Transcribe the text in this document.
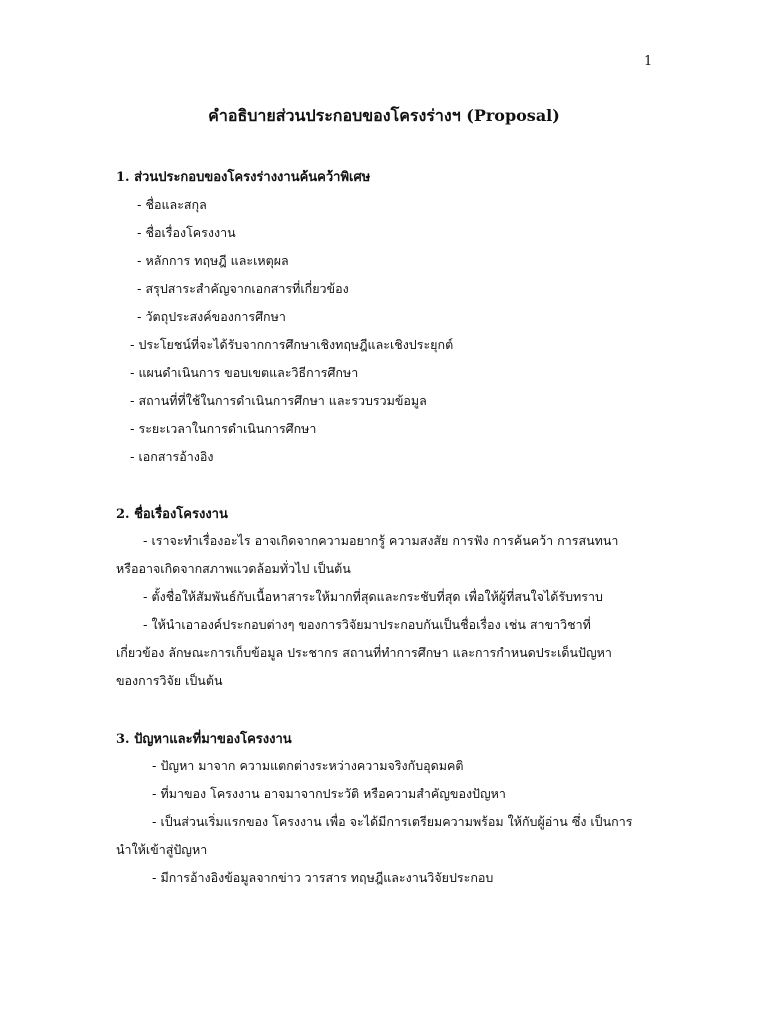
1
คำอธิบายส่วนประกอบของโครงร่างฯ (Proposal)
1. ส่วนประกอบของโครงร่างงานค้นคว้าพิเศษ
- ชื่อและสกุล
- ชื่อเรื่องโครงงาน
- หลักการ ทฤษฎี และเหตุผล
- สรุปสาระสำคัญจากเอกสารที่เกี่ยวข้อง
- วัตถุประสงค์ของการศึกษา
- ประโยชน์ที่จะได้รับจากการศึกษาเชิงทฤษฎีและเชิงประยุกต์
- แผนดำเนินการ ขอบเขตและวิธีการศึกษา
- สถานที่ที่ใช้ในการดำเนินการศึกษา และรวบรวมข้อมูล
- ระยะเวลาในการดำเนินการศึกษา
- เอกสารอ้างอิง
2. ชื่อเรื่องโครงงาน
- เราจะทำเรื่องอะไร อาจเกิดจากความอยากรู้ ความสงสัย การฟัง การค้นคว้า การสนทนา
หรืออาจเกิดจากสภาพแวดล้อมทั่วไป เป็นต้น
- ตั้งชื่อให้สัมพันธ์กับเนื้อหาสาระให้มากที่สุดและกระชับที่สุด เพื่อให้ผู้ที่สนใจได้รับทราบ
- ให้นำเอาองค์ประกอบต่างๆ ของการวิจัยมาประกอบกันเป็นชื่อเรื่อง เช่น สาขาวิชาที่
เกี่ยวข้อง ลักษณะการเก็บข้อมูล ประชากร สถานที่ทำการศึกษา และการกำหนดประเด็นปัญหา
ของการวิจัย เป็นต้น
3. ปัญหาและที่มาของโครงงาน
- ปัญหา มาจาก ความแตกต่างระหว่างความจริงกับอุดมคติ
- ที่มาของ โครงงาน อาจมาจากประวัติ หรือความสำคัญของปัญหา
- เป็นส่วนเริ่มแรกของ โครงงาน เพื่อ จะได้มีการเตรียมความพร้อม ให้กับผู้อ่าน ซึ่ง เป็นการ
นำให้เข้าสู่ปัญหา
- มีการอ้างอิงข้อมูลจากข่าว วารสาร ทฤษฎีและงานวิจัยประกอบ
